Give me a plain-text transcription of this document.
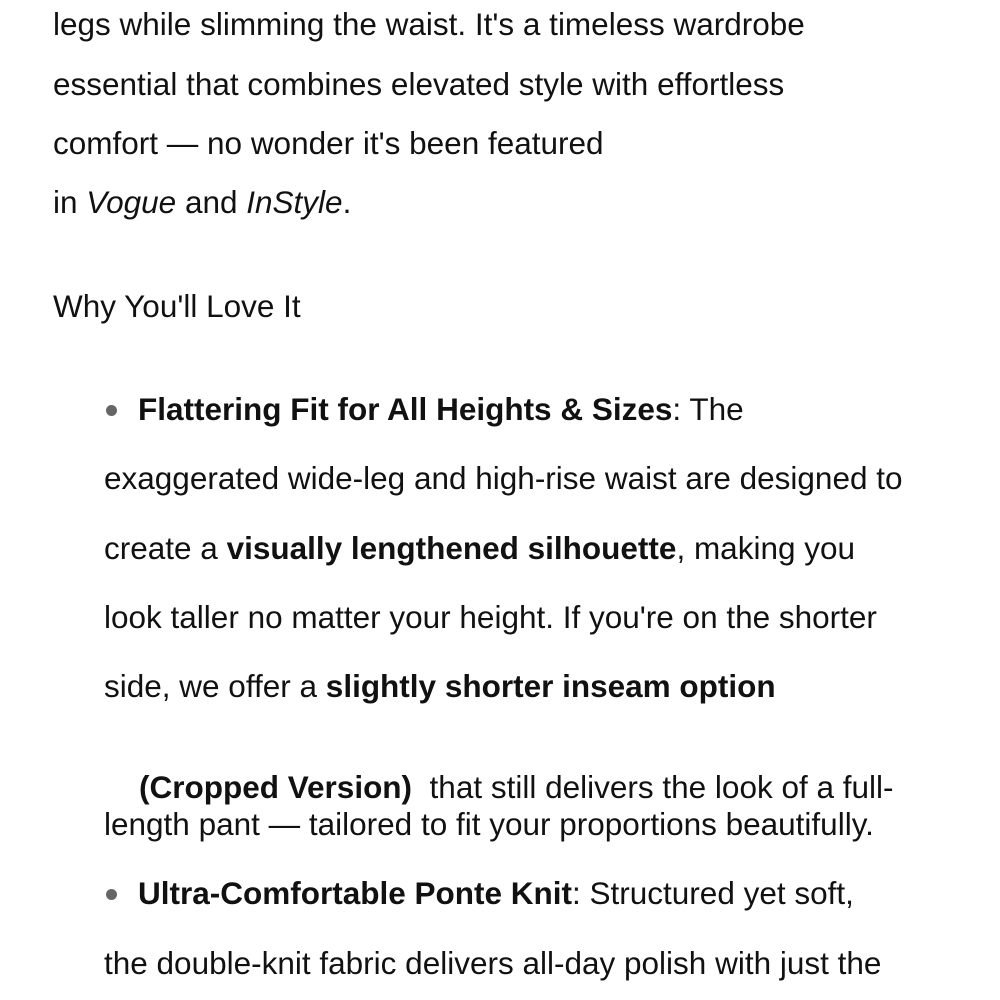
legs while slimming the waist. It's a timeless wardrobe
essential that combines elevated style with effortless
comfort — no wonder it's been featured
in Vogue and InStyle.
Why You'll Love It
Flattering Fit for All Heights & Sizes: The
exaggerated wide-leg and high-rise waist are designed to
create a visually lengthened silhouette, making you
look taller no matter your height. If you're on the shorter
side, we offer a slightly shorter inseam option

(Cropped Version)  that still delivers the look of a full-

length pant — tailored to fit your proportions beautifully.
Ultra-Comfortable Ponte Knit: Structured yet soft,
the double-knit fabric delivers all-day polish with just the
